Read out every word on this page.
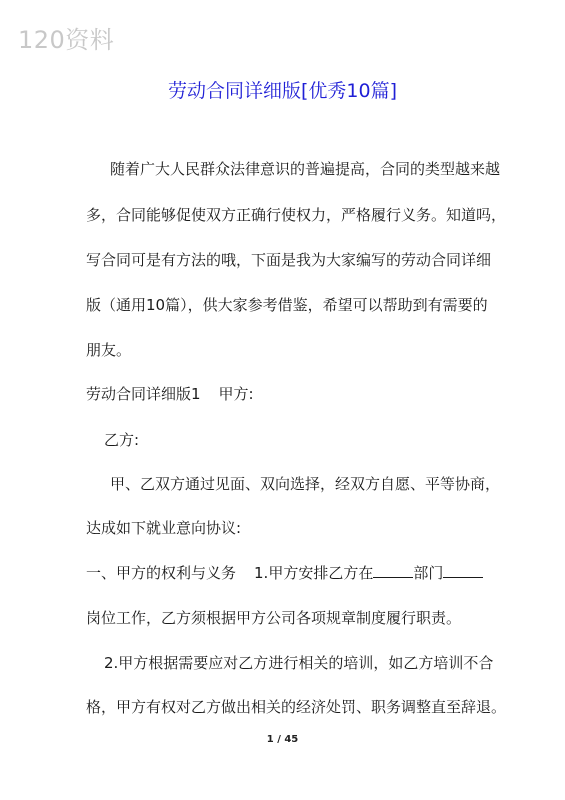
120资料
劳动合同详细版[优秀10篇]
随着广大人民群众法律意识的普遍提高，合同的类型越来越
多，合同能够促使双方正确行使权力，严格履行义务。知道吗，
写合同可是有方法的哦，下面是我为大家编写的劳动合同详细
版（通用10篇），供大家参考借鉴，希望可以帮助到有需要的
朋友。
劳动合同详细版1 甲方:
乙方:
甲、乙双方通过见面、双向选择，经双方自愿、平等协商，
达成如下就业意向协议:
一、甲方的权利与义务 1.甲方安排乙方在	部门
岗位工作，乙方须根据甲方公司各项规章制度履行职责。
2.甲方根据需要应对乙方进行相关的培训，如乙方培训不合
格，甲方有权对乙方做出相关的经济处罚、职务调整直至辞退。
1 / 45
